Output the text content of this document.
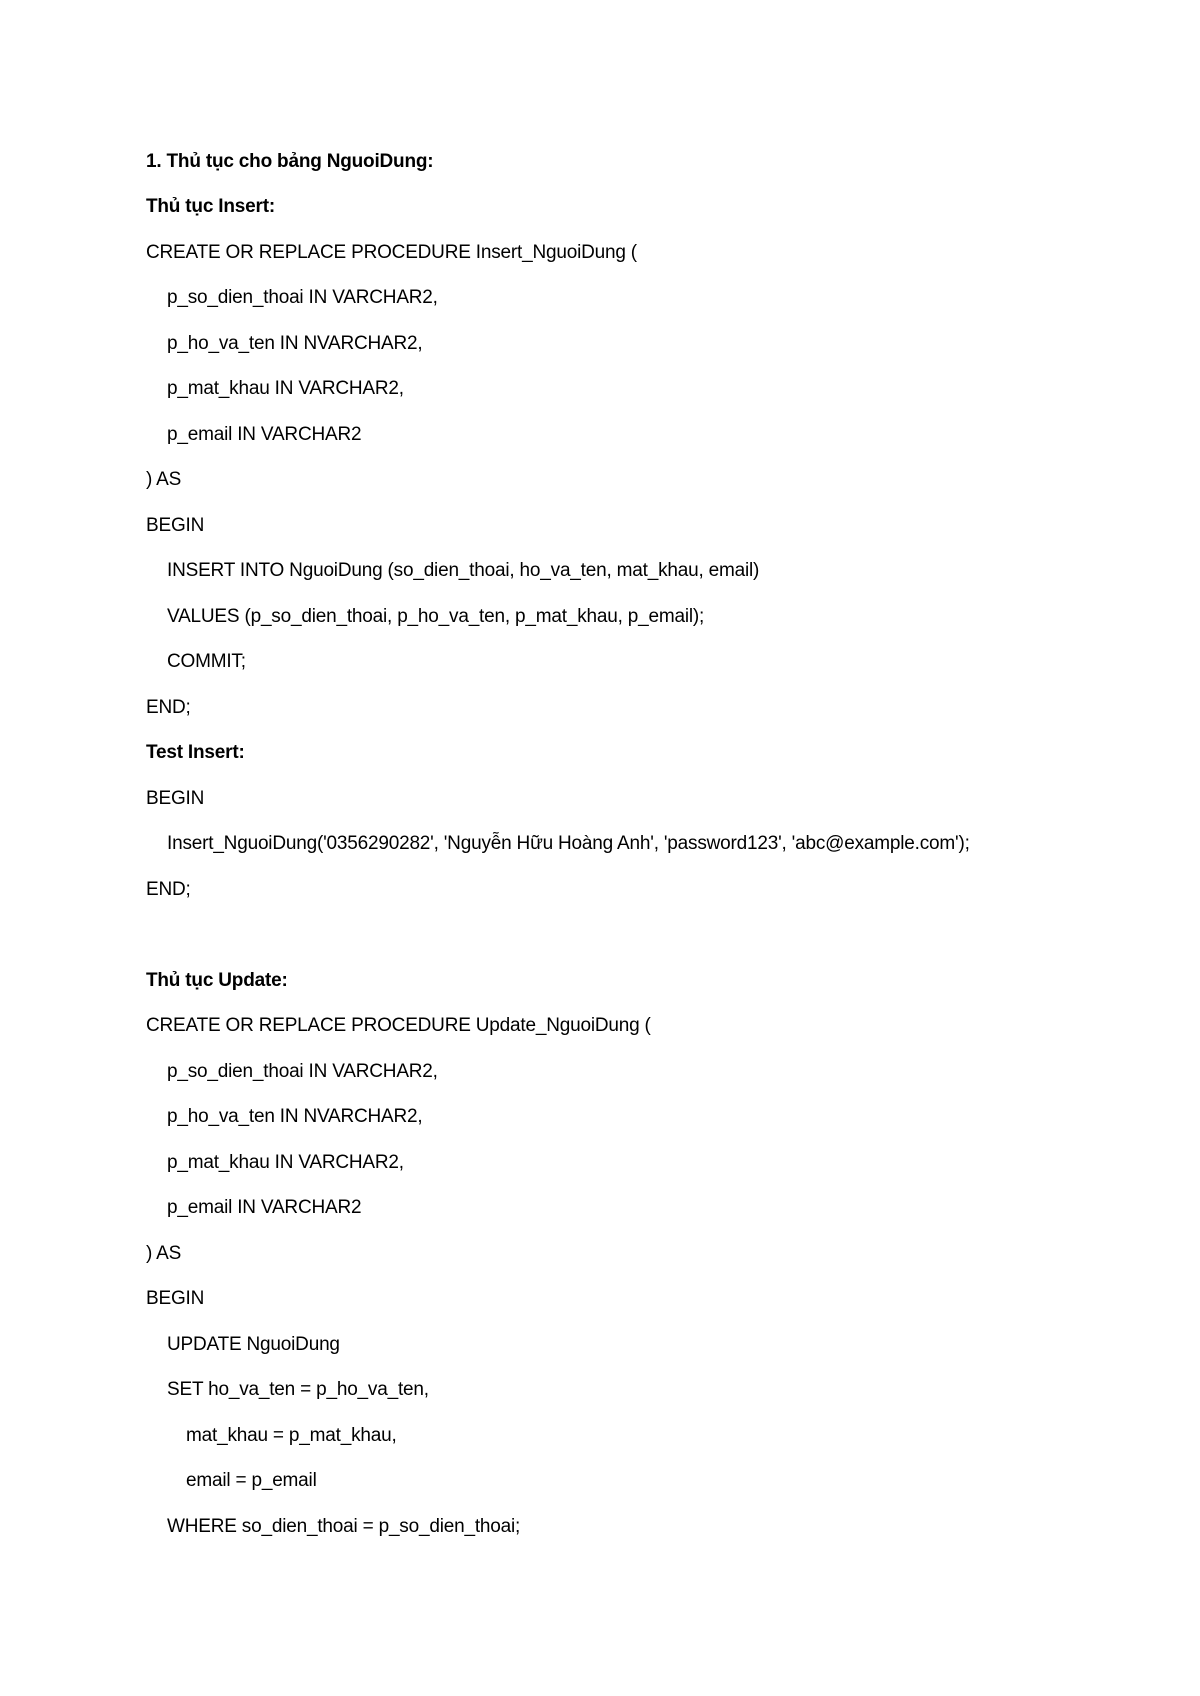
1. Thủ tục cho bảng NguoiDung:
Thủ tục Insert:
CREATE OR REPLACE PROCEDURE Insert_NguoiDung (
p_so_dien_thoai IN VARCHAR2,
p_ho_va_ten IN NVARCHAR2,
p_mat_khau IN VARCHAR2,
p_email IN VARCHAR2
) AS
BEGIN
INSERT INTO NguoiDung (so_dien_thoai, ho_va_ten, mat_khau, email)
VALUES (p_so_dien_thoai, p_ho_va_ten, p_mat_khau, p_email);
COMMIT;
END;
Test Insert:
BEGIN
Insert_NguoiDung('0356290282', 'Nguyễn Hữu Hoàng Anh', 'password123', 'abc@example.com');
END;
Thủ tục Update:
CREATE OR REPLACE PROCEDURE Update_NguoiDung (
p_so_dien_thoai IN VARCHAR2,
p_ho_va_ten IN NVARCHAR2,
p_mat_khau IN VARCHAR2,
p_email IN VARCHAR2
) AS
BEGIN
UPDATE NguoiDung
SET ho_va_ten = p_ho_va_ten,
mat_khau = p_mat_khau,
email = p_email
WHERE so_dien_thoai = p_so_dien_thoai;
